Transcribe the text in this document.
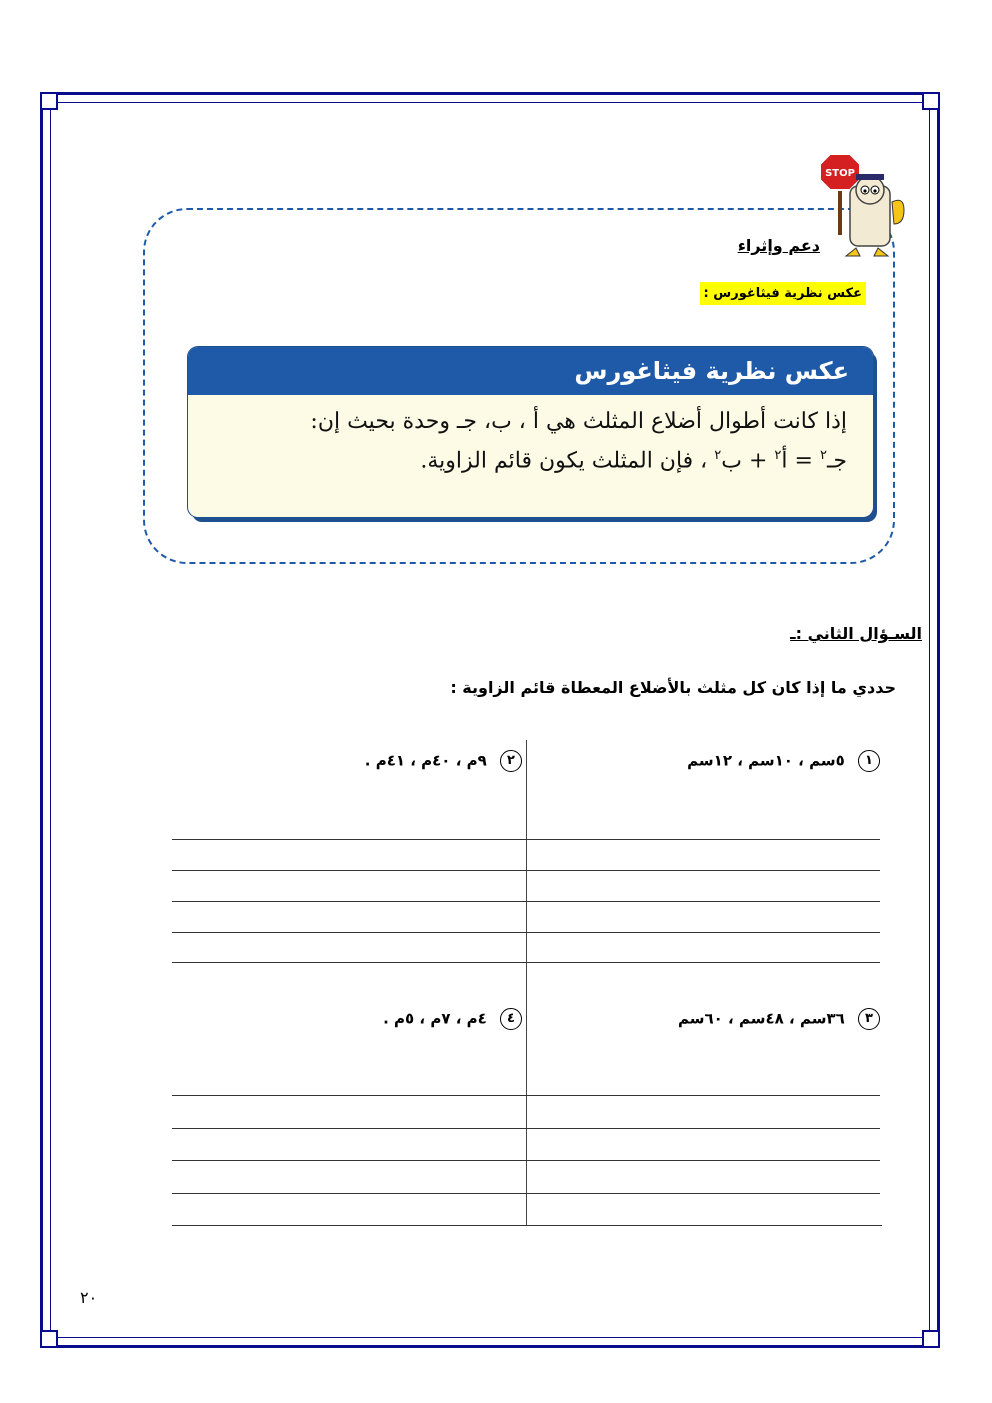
STOP
دعم وإثراء
عكس نظرية فيثاغورس :
عكس نظرية فيثاغورس
إذا كانت أطوال أضلاع المثلث هي أ ، ب، جـ وحدة بحيث إن:
جـ$^٢$ = أ$^٢$ + ب$^٢$ ، فإن المثلث يكون قائم الزاوية.
السـؤال الثاني :ـ
حددي ما إذا كان كل مثلث بالأضلاع المعطاة قائم الزاوية :
١ ٥سم ، ١٠سم ، ١٢سم
٢ ٩م ، ٤٠م ، ٤١م .
٣ ٣٦سم ، ٤٨سم ، ٦٠سم
٤ ٤م ، ٧م ، ٥م .
٢٠
